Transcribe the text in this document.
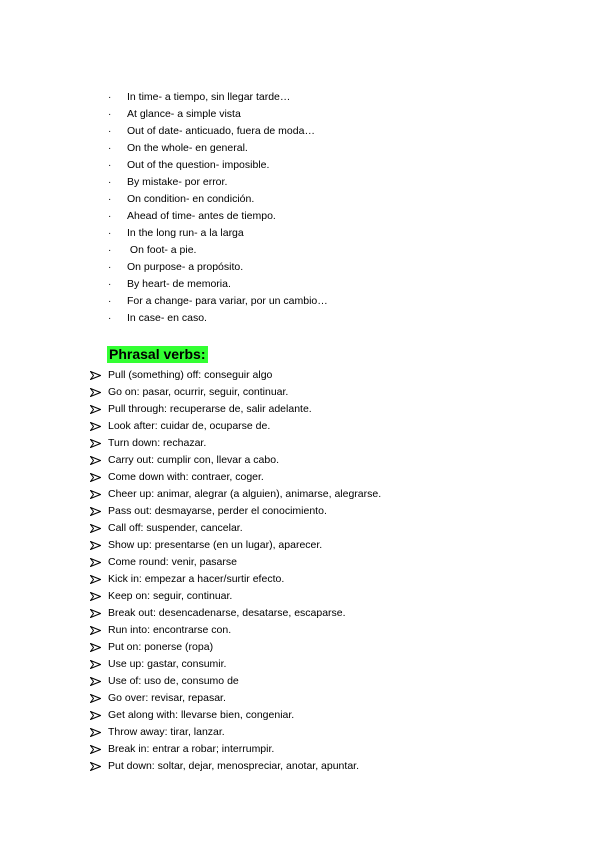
·	In time- a tiempo, sin llegar tarde…
·	At glance- a simple vista
·	Out of date- anticuado, fuera de moda…
·	On the whole- en general.
·	Out of the question- imposible.
·	By mistake- por error.
·	On condition- en condición.
·	Ahead of time- antes de tiempo.
·	In the long run- a la larga
·	On foot- a pie.
·	On purpose- a propósito.
·	By heart- de memoria.
·	For a change- para variar, por un cambio…
·	In case- en caso.
Phrasal verbs:
Pull (something) off: conseguir algo
Go on: pasar, ocurrir, seguir, continuar.
Pull through: recuperarse de, salir adelante.
Look after: cuidar de, ocuparse de.
Turn down: rechazar.
Carry out: cumplir con, llevar a cabo.
Come down with: contraer, coger.
Cheer up: animar, alegrar (a alguien), animarse, alegrarse.
Pass out: desmayarse, perder el conocimiento.
Call off: suspender, cancelar.
Show up: presentarse (en un lugar), aparecer.
Come round: venir, pasarse
Kick in: empezar a hacer/surtir efecto.
Keep on: seguir, continuar.
Break out: desencadenarse, desatarse, escaparse.
Run into: encontrarse con.
Put on: ponerse (ropa)
Use up: gastar, consumir.
Use of: uso de, consumo de
Go over: revisar, repasar.
Get along with: llevarse bien, congeniar.
Throw away: tirar, lanzar.
Break in: entrar a robar; interrumpir.
Put down: soltar, dejar, menospreciar, anotar, apuntar.
